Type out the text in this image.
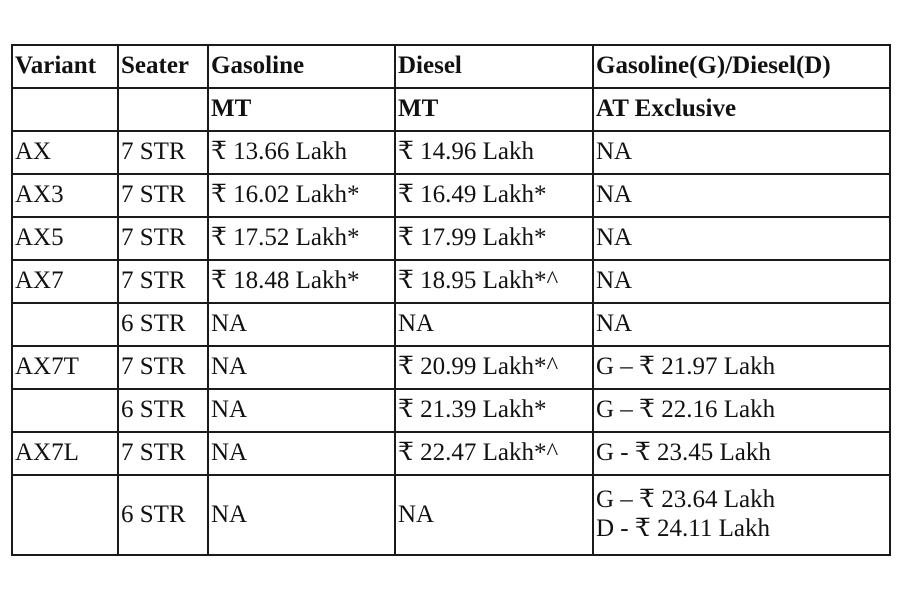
Variant	Seater	Gasoline	Diesel	Gasoline(G)/Diesel(D)
		MT	MT	AT Exclusive
AX	7 STR	₹ 13.66 Lakh	₹ 14.96 Lakh	NA

AX3	7 STR	₹ 16.02 Lakh*	₹ 16.49 Lakh*	NA

AX5	7 STR	₹ 17.52 Lakh*	₹ 17.99 Lakh*	NA

AX7	7 STR	₹ 18.48 Lakh*	₹ 18.95 Lakh*^	NA

	6 STR	NA	NA	NA

AX7T	7 STR	NA	₹ 20.99 Lakh*^	G – ₹ 21.97 Lakh

	6 STR	NA	₹ 21.39 Lakh*	G – ₹ 22.16 Lakh

AX7L	7 STR	NA	₹ 22.47 Lakh*^	G - ₹ 23.45 Lakh

	6 STR	NA	NA	G – ₹ 23.64 Lakh
D - ₹ 24.11 Lakh
